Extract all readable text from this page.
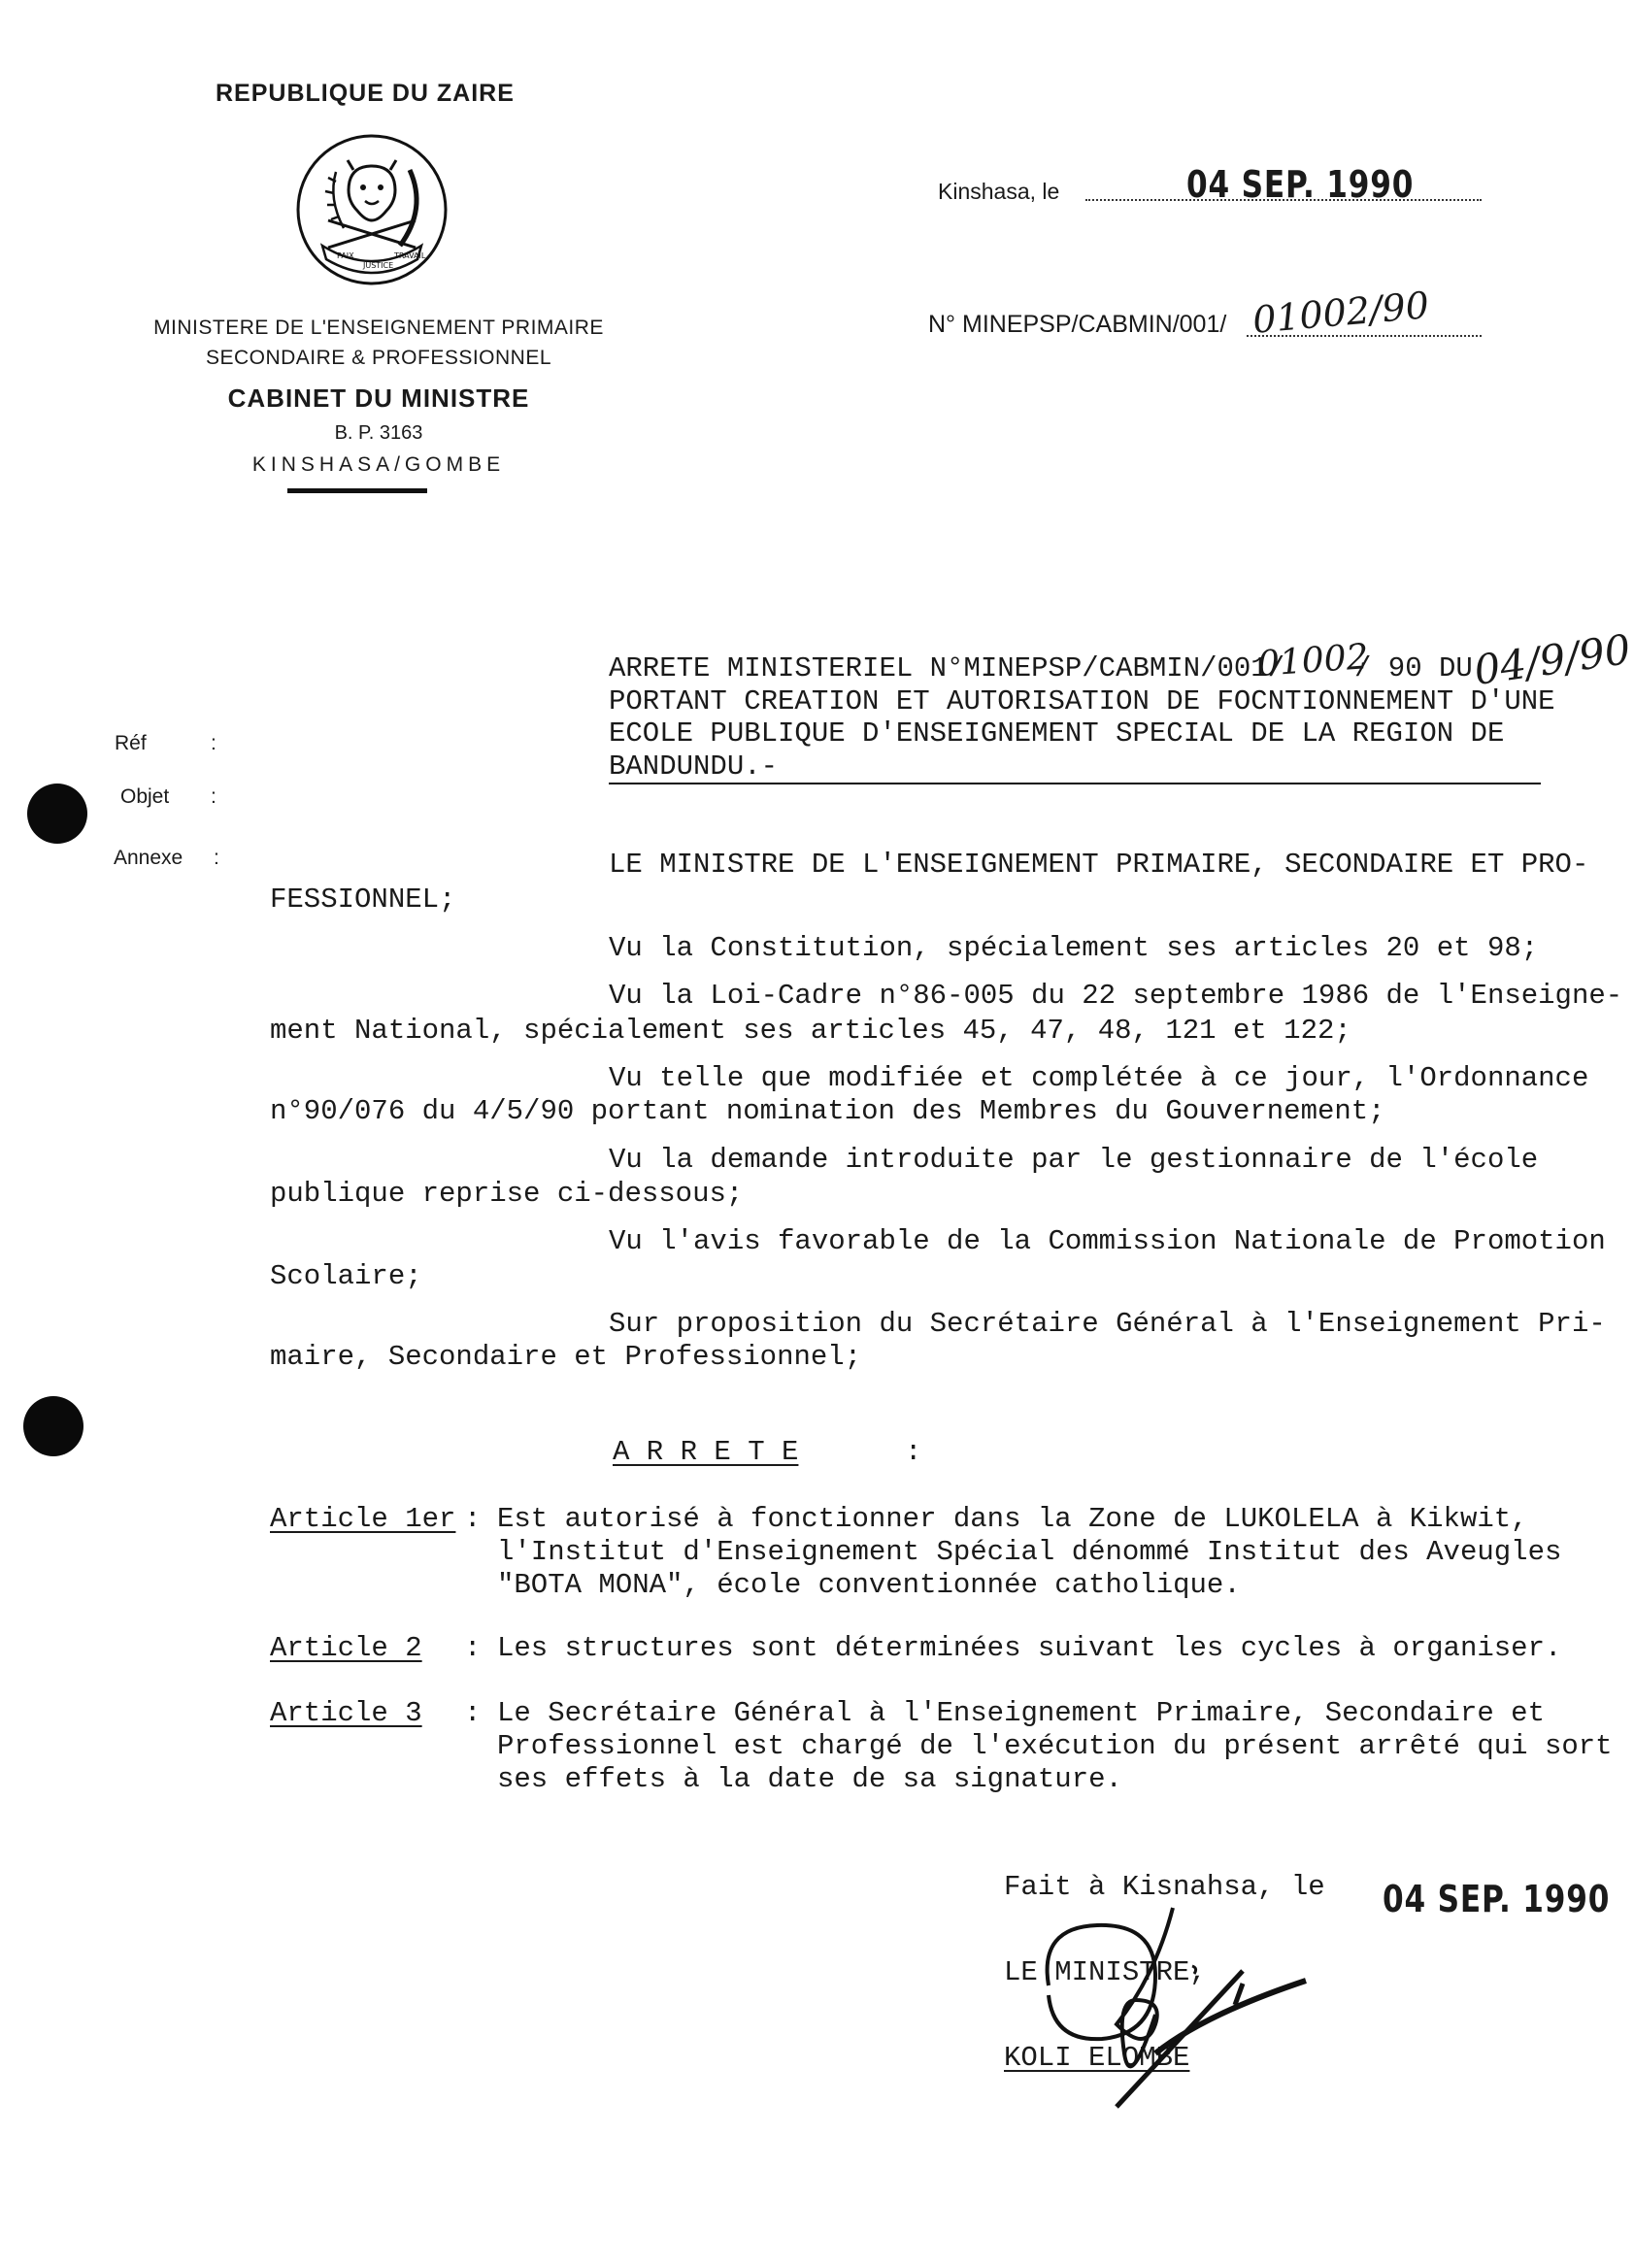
REPUBLIQUE DU ZAIRE
PAIX
JUSTICE
TRAVAIL
MINISTERE DE L'ENSEIGNEMENT PRIMAIRE
SECONDAIRE & PROFESSIONNEL
CABINET DU MINISTRE
B. P. 3163
KINSHASA/GOMBE
Kinshasa, le	04 SEP. 1990
N° MINEPSP/CABMIN/001/ 01002/90
ARRETE MINISTERIEL N°MINEPSP/CABMIN/001/
01002
/ 90 DU
04/9/90
PORTANT CREATION ET AUTORISATION DE FOCNTIONNEMENT D'UNE
ECOLE PUBLIQUE D'ENSEIGNEMENT SPECIAL DE LA REGION DE
BANDUNDU.-
Réf	:
Objet :
Annexe :	LE MINISTRE DE L'ENSEIGNEMENT PRIMAIRE, SECONDAIRE ET PRO-
FESSIONNEL;
Vu la Constitution, spécialement ses articles 20 et 98;
Vu la Loi-Cadre n°86-005 du 22 septembre 1986 de l'Enseigne-
ment National, spécialement ses articles 45, 47, 48, 121 et 122;
Vu telle que modifiée et complétée à ce jour, l'Ordonnance
n°90/076 du 4/5/90 portant nomination des Membres du Gouvernement;
Vu la demande introduite par le gestionnaire de l'école
publique reprise ci-dessous;
Vu l'avis favorable de la Commission Nationale de Promotion
Scolaire;
Sur proposition du Secrétaire Général à l'Enseignement Pri-
maire, Secondaire et Professionnel;
A R R E T E	:
Article 1er : Est autorisé à fonctionner dans la Zone de LUKOLELA à Kikwit,
l'Institut d'Enseignement Spécial dénommé Institut des Aveugles
"BOTA MONA", école conventionnée catholique.
Article 2 : Les structures sont déterminées suivant les cycles à organiser.
Article 3 : Le Secrétaire Général à l'Enseignement Primaire, Secondaire et
Professionnel est chargé de l'exécution du présent arrêté qui sort
ses effets à la date de sa signature.
Fait à Kisnahsa, le 04 SEP. 1990
LE MINISTRE,
KOLI ELOMBE
